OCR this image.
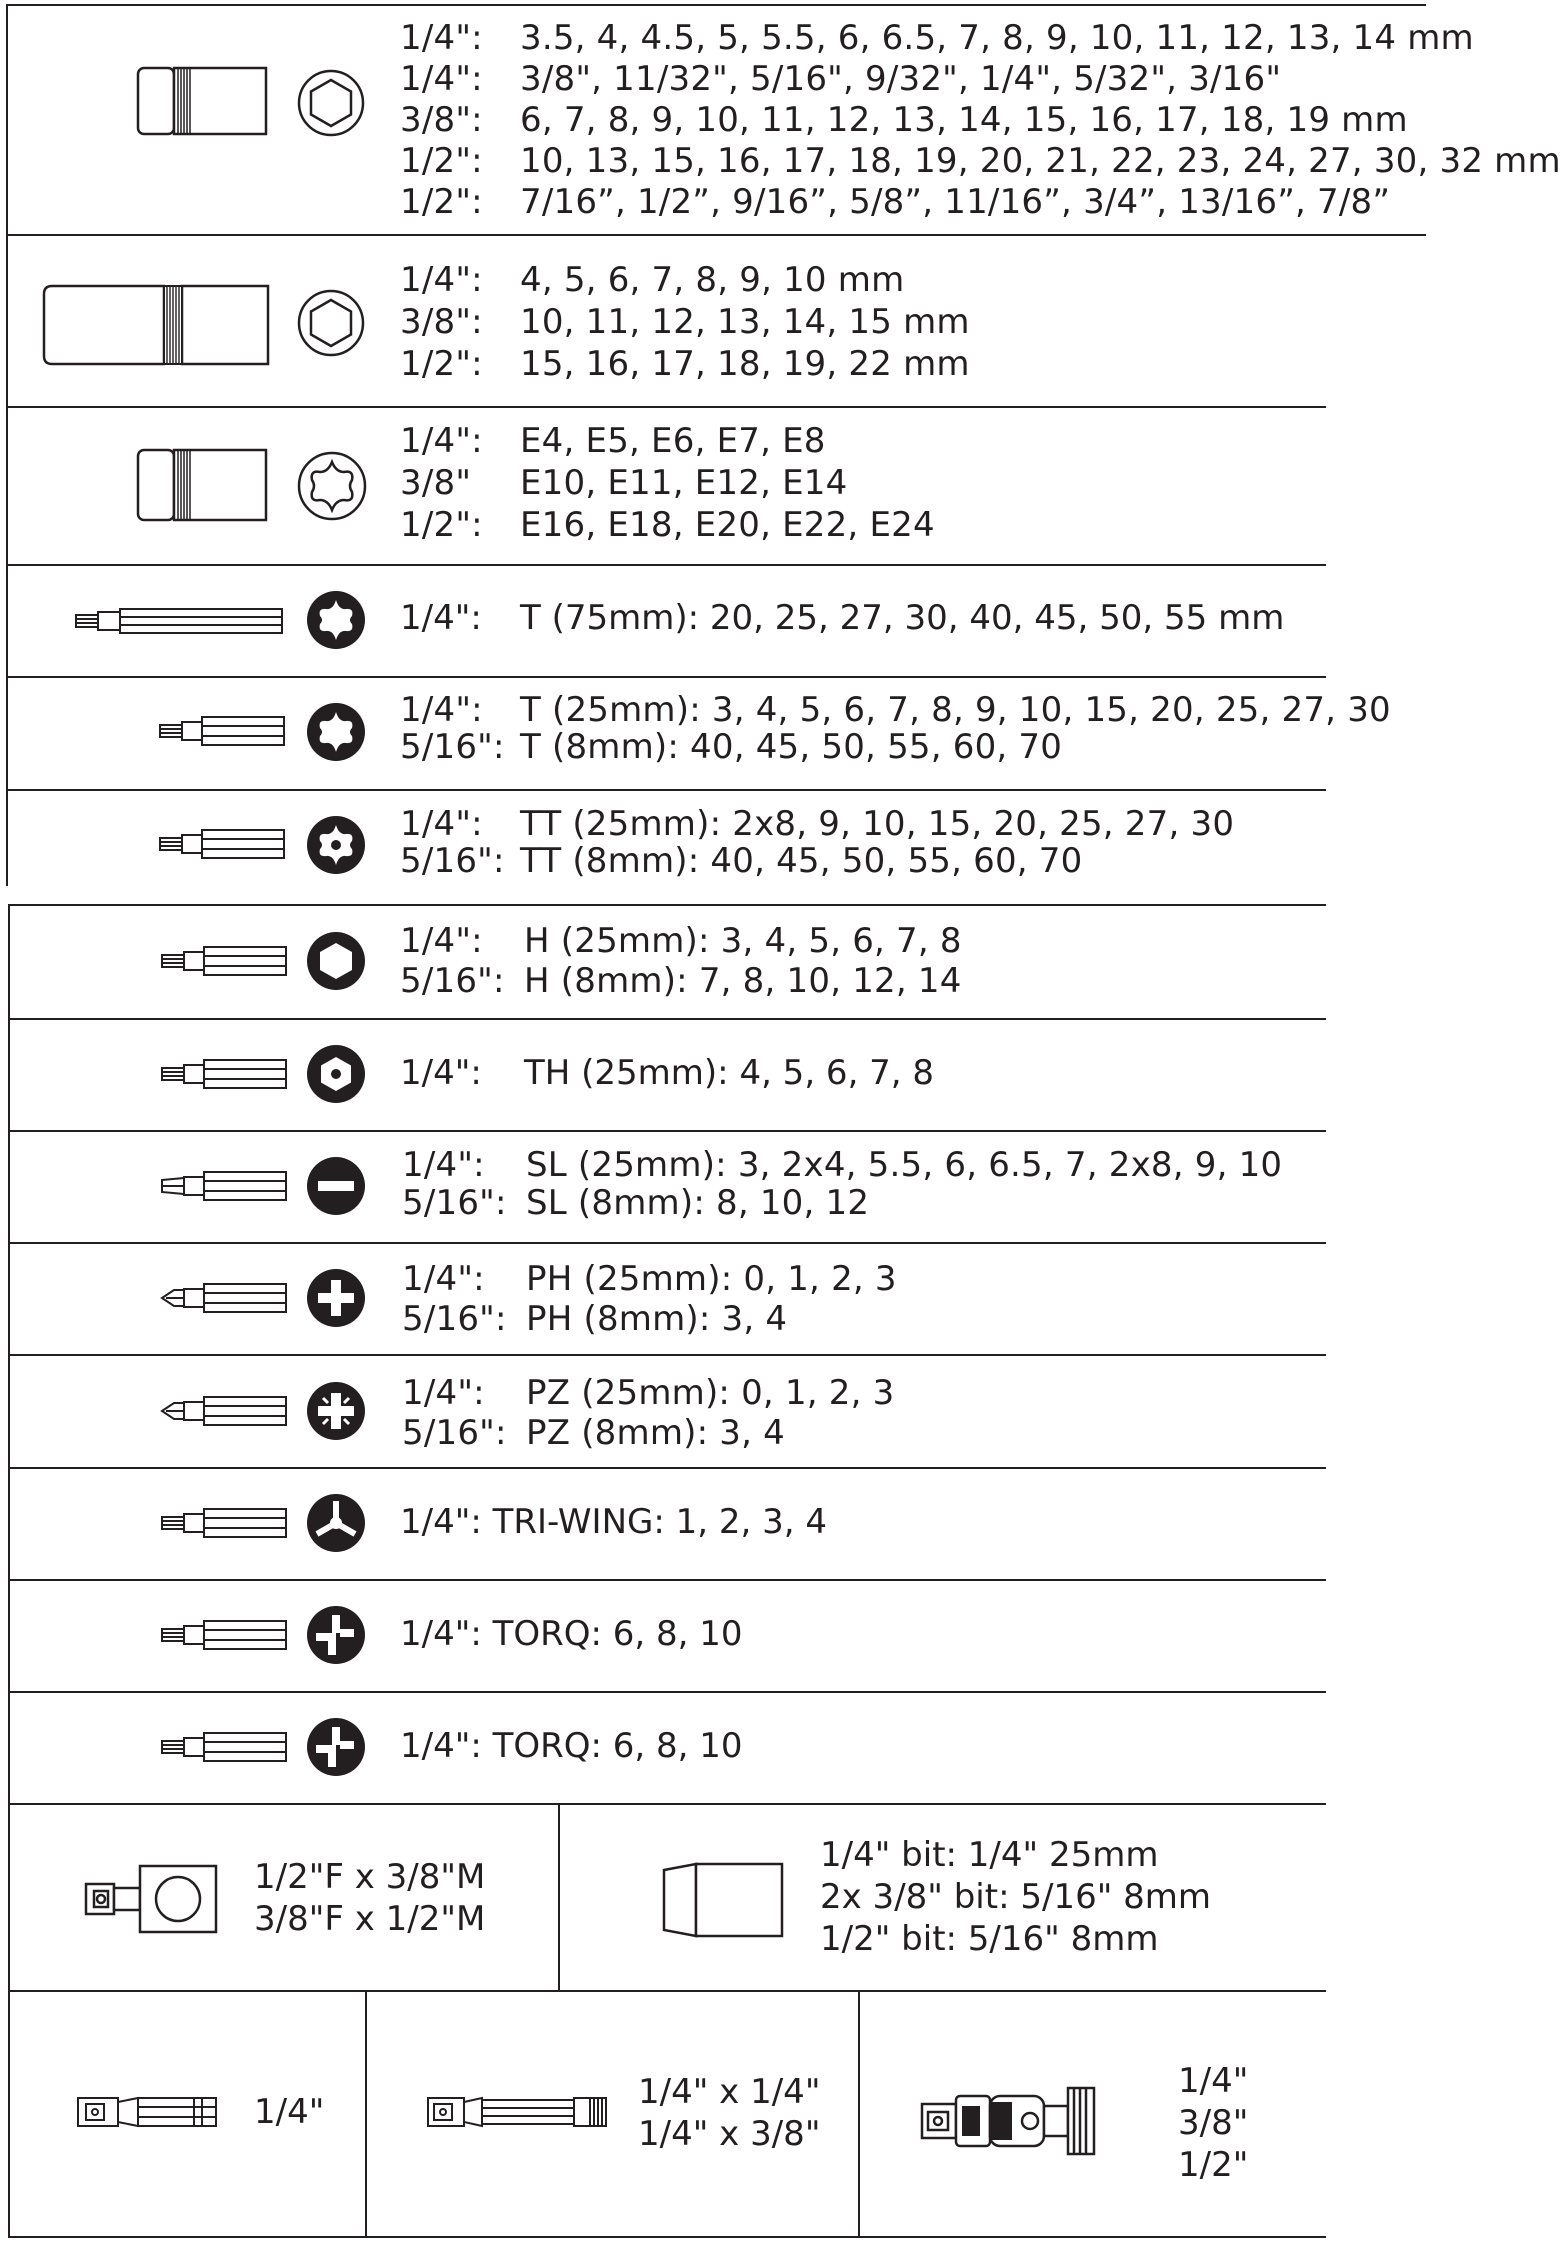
1/4": 3.5, 4, 4.5, 5, 5.5, 6, 6.5, 7, 8, 9, 10, 11, 12, 13, 14 mm
1/4": 3/8", 11/32", 5/16", 9/32", 1/4", 5/32", 3/16"
3/8": 6, 7, 8, 9, 10, 11, 12, 13, 14, 15, 16, 17, 18, 19 mm
1/2": 10, 13, 15, 16, 17, 18, 19, 20, 21, 22, 23, 24, 27, 30, 32 mm
1/2": 7/16”, 1/2”, 9/16”, 5/8”, 11/16”, 3/4”, 13/16”, 7/8”
1/4": 4, 5, 6, 7, 8, 9, 10 mm
3/8": 10, 11, 12, 13, 14, 15 mm
1/2": 15, 16, 17, 18, 19, 22 mm
1/4": E4, E5, E6, E7, E8
3/8" E10, E11, E12, E14
1/2": E16, E18, E20, E22, E24
1/4": T (75mm): 20, 25, 27, 30, 40, 45, 50, 55 mm
1/4": T (25mm): 3, 4, 5, 6, 7, 8, 9, 10, 15, 20, 25, 27, 30
5/16": T (8mm): 40, 45, 50, 55, 60, 70
1/4": TT (25mm): 2x8, 9, 10, 15, 20, 25, 27, 30
5/16": TT (8mm): 40, 45, 50, 55, 60, 70
1/4": H (25mm): 3, 4, 5, 6, 7, 8
5/16": H (8mm): 7, 8, 10, 12, 14
1/4": TH (25mm): 4, 5, 6, 7, 8
1/4": SL (25mm): 3, 2x4, 5.5, 6, 6.5, 7, 2x8, 9, 10
5/16": SL (8mm): 8, 10, 12
1/4": PH (25mm): 0, 1, 2, 3
5/16": PH (8mm): 3, 4
1/4": PZ (25mm): 0, 1, 2, 3
5/16": PZ (8mm): 3, 4
1/4": TRI-WING: 1, 2, 3, 4
1/4": TORQ: 6, 8, 10
1/4": TORQ: 6, 8, 10
1/2"F x 3/8"M
3/8"F x 1/2"M
1/4" bit: 1/4" 25mm
2x 3/8" bit: 5/16" 8mm
1/2" bit: 5/16" 8mm
1/4"	1/4" x 1/4"
1/4" x 3/8"
1/4"
3/8"
1/2"
